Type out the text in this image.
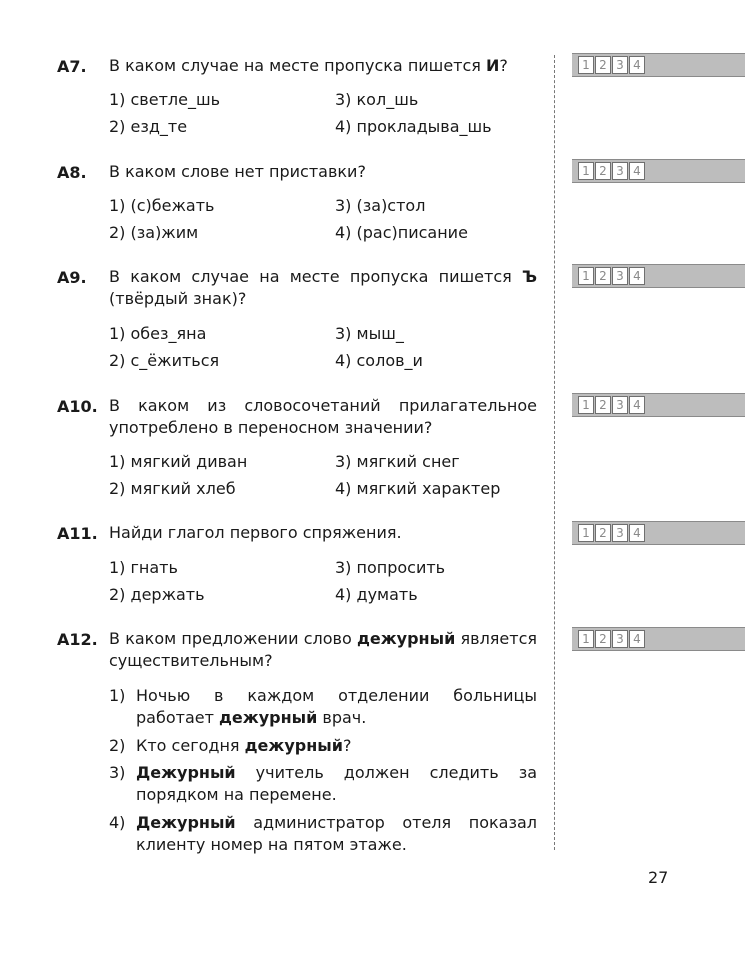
А7. В каком случае на месте пропуска пишется И?
1) светле_шь	3) кол_шь
2) езд_те	4) прокладыва_шь
А8. В каком слове нет приставки?
1) (с)бежать	3) (за)стол
2) (за)жим	4) (рас)писание
А9. В каком случае на месте пропуска пишется Ъ (твёрдый знак)?
1) обез_яна	3) мыш_
2) с_ёжиться	4) солов_и
А10. В каком из словосочетаний прилагательное употреблено в переносном значении?
1) мягкий диван	3) мягкий снег
2) мягкий хлеб	4) мягкий характер
А11. Найди глагол первого спряжения.
1) гнать	3) попросить
2) держать	4) думать
А12. В каком предложении слово дежурный является существительным?
1) Ночью в каждом отделении больницы работает дежурный врач.
2) Кто сегодня дежурный?
3) Дежурный учитель должен следить за порядком на перемене.
4) Дежурный администратор отеля показал клиенту номер на пятом этаже.
1 2 3 4
1 2 3 4
1 2 3 4
1 2 3 4
1 2 3 4
1 2 3 4
27
